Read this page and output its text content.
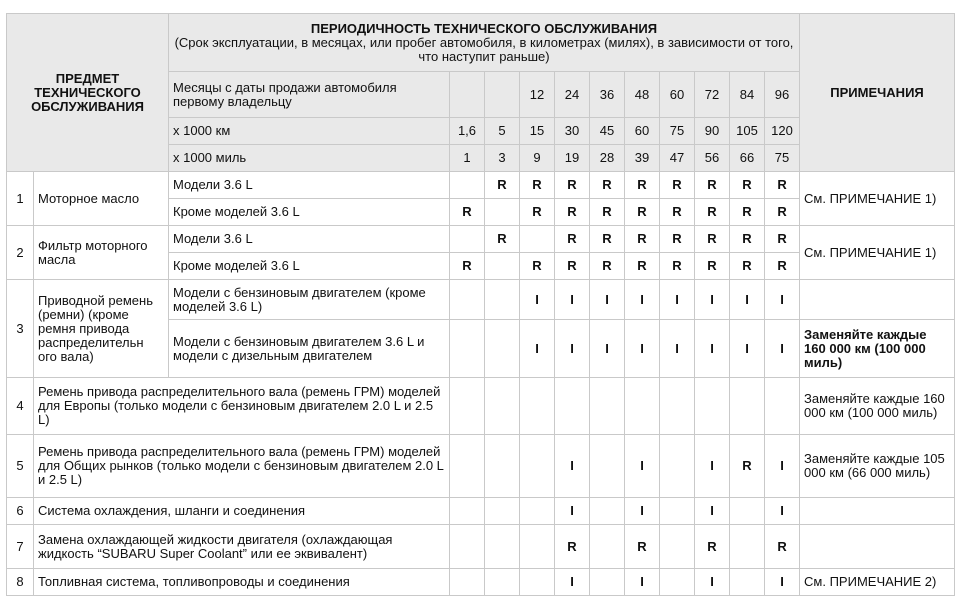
ПРЕДМЕТ ТЕХНИЧЕСКОГО ОБСЛУЖИВАНИЯ		ПЕРИОДИЧНОСТЬ ТЕХНИЧЕСКОГО ОБСЛУЖИВАНИЯ
(Срок эксплуатации, в месяцах, или пробег автомобиля, в километрах (милях), в зависимости от того, что наступит раньше)											ПРИМЕЧАНИЯ
		Месяцы с даты продажи автомобиля первому владельцу			12	24	36	48	60	72	84	96	
		x 1000 км	1,6	5	15	30	45	60	75	90	105	120	
		x 1000 миль	1	3	9	19	28	39	47	56	66	75	
1	Моторное масло	Модели 3.6 L		R	R	R	R	R	R	R	R	R	См. ПРИМЕЧАНИЕ 1)
		Кроме моделей 3.6 L	R		R	R	R	R	R	R	R	R	
2	Фильтр моторного масла	Модели 3.6 L		R		R	R	R	R	R	R	R	См. ПРИМЕЧАНИЕ 1)
		Кроме моделей 3.6 L	R		R	R	R	R	R	R	R	R	
3	Приводной ремень (ремни) (кроме ремня привода распределительн ого вала)	Модели с бензиновым двигателем (кроме моделей 3.6 L)			I	I	I	I	I	I	I	I	
		Модели с бензиновым двигателем 3.6 L и модели с дизельным двигателем			I	I	I	I	I	I	I	I	Заменяйте каждые 160 000 км (100 000 миль)
4	Ремень привода распределительного вала (ремень ГРМ) моделей для Европы (только модели с бензиновым двигателем 2.0 L и 2.5 L)												Заменяйте каждые 160 000 км (100 000 миль)
5	Ремень привода распределительного вала (ремень ГРМ) моделей для Общих рынков (только модели с бензиновым двигателем 2.0 L и 2.5 L)					I		I		I	R	I	Заменяйте каждые 105 000 км (66 000 миль)
6	Система охлаждения, шланги и соединения					I		I		I		I	
7	Замена охлаждающей жидкости двигателя (охлаждающая жидкость “SUBARU Super Coolant” или ее эквивалент)					R		R		R		R	
8	Топливная система, топливопроводы и соединения					I		I		I		I	См. ПРИМЕЧАНИЕ 2)
